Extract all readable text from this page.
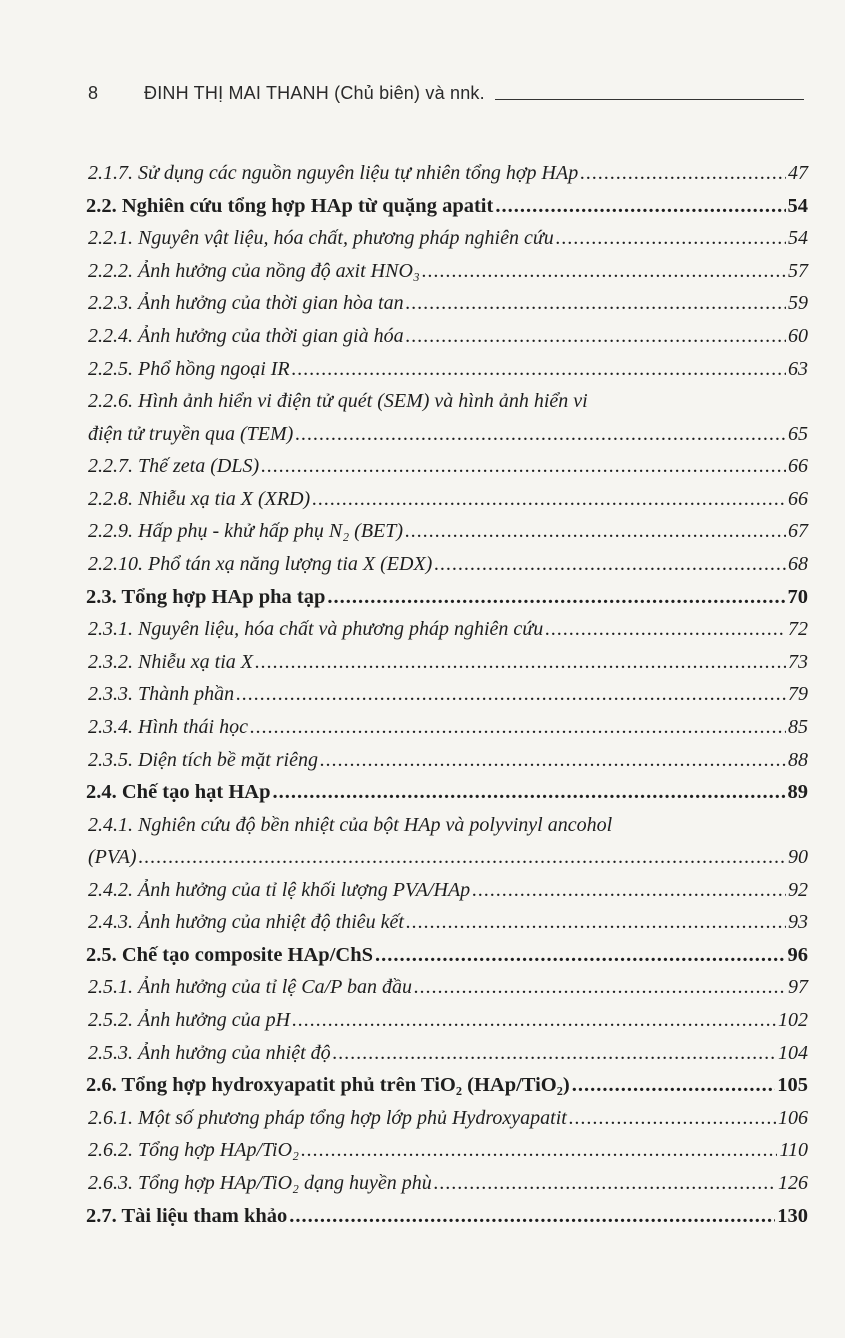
8	ĐINH THỊ MAI THANH (Chủ biên) và nnk.
2.1.7. Sử dụng các nguồn nguyên liệu tự nhiên tổng hợp HAp .....	47
2.2. Nghiên cứu tổng hợp HAp từ quặng apatit .....	54
2.2.1. Nguyên vật liệu, hóa chất, phương pháp nghiên cứu .....	54
2.2.2. Ảnh hưởng của nồng độ axit HNO₃ .....	57
2.2.3. Ảnh hưởng của thời gian hòa tan .....	59
2.2.4. Ảnh hưởng của thời gian già hóa .....	60
2.2.5. Phổ hồng ngoại IR .....	63
2.2.6. Hình ảnh hiển vi điện tử quét (SEM) và hình ảnh hiển vi
điện tử truyền qua (TEM) .....	65
2.2.7. Thế zeta (DLS) .....	66
2.2.8. Nhiễu xạ tia X (XRD) .....	66
2.2.9. Hấp phụ - khử hấp phụ N₂ (BET) .....	67
2.2.10. Phổ tán xạ năng lượng tia X (EDX) .....	68
2.3. Tổng hợp HAp pha tạp .....	70
2.3.1. Nguyên liệu, hóa chất và phương pháp nghiên cứu .....	72
2.3.2. Nhiễu xạ tia X .....	73
2.3.3. Thành phần .....	79
2.3.4. Hình thái học .....	85
2.3.5. Diện tích bề mặt riêng .....	88
2.4. Chế tạo hạt HAp .....	89
2.4.1. Nghiên cứu độ bền nhiệt của bột HAp và polyvinyl ancohol
(PVA) .....	90
2.4.2. Ảnh hưởng của tỉ lệ khối lượng PVA/HAp .....	92
2.4.3. Ảnh hưởng của nhiệt độ thiêu kết .....	93
2.5. Chế tạo composite HAp/ChS .....	96
2.5.1. Ảnh hưởng của tỉ lệ Ca/P ban đầu .....	97
2.5.2. Ảnh hưởng của pH .....	102
2.5.3. Ảnh hưởng của nhiệt độ .....	104
2.6. Tổng hợp hydroxyapatit phủ trên TiO₂ (HAp/TiO₂) .....	105
2.6.1. Một số phương pháp tổng hợp lớp phủ Hydroxyapatit .....	106
2.6.2. Tổng hợp HAp/TiO₂ .....	110
2.6.3. Tổng hợp HAp/TiO₂ dạng huyền phù .....	126
2.7. Tài liệu tham khảo .....	130
